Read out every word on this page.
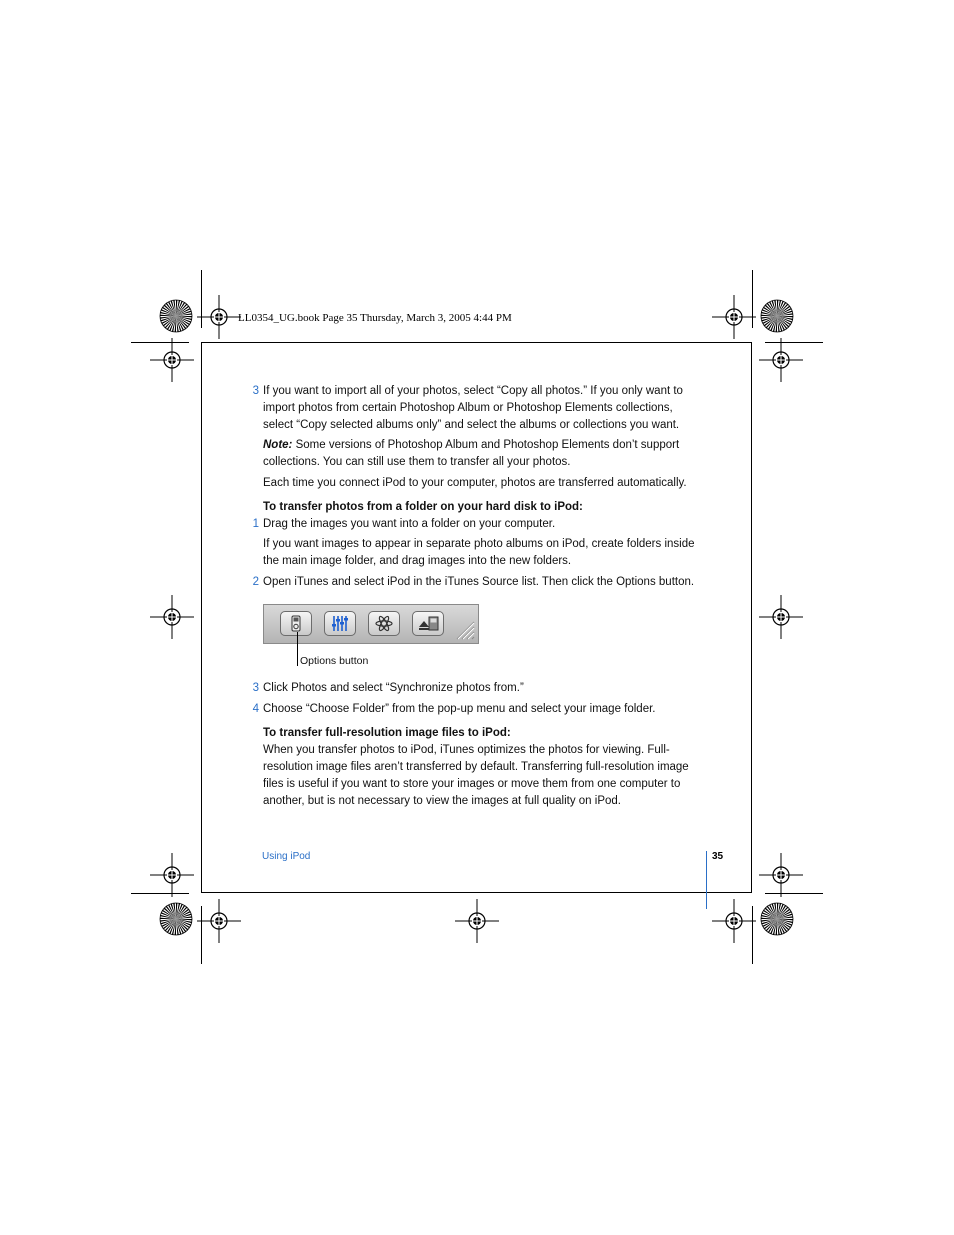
LL0354_UG.book Page 35 Thursday, March 3, 2005 4:44 PM
3 If you want to import all of your photos, select “Copy all photos.” If you only want to
import photos from certain Photoshop Album or Photoshop Elements collections,
select “Copy selected albums only” and select the albums or collections you want.
Note: Some versions of Photoshop Album and Photoshop Elements don’t support
collections. You can still use them to transfer all your photos.
Each time you connect iPod to your computer, photos are transferred automatically.
To transfer photos from a folder on your hard disk to iPod:
1 Drag the images you want into a folder on your computer.
If you want images to appear in separate photo albums on iPod, create folders inside
the main image folder, and drag images into the new folders.
2 Open iTunes and select iPod in the iTunes Source list. Then click the Options button.
Options button
3 Click Photos and select “Synchronize photos from.”
4 Choose “Choose Folder” from the pop-up menu and select your image folder.
To transfer full-resolution image files to iPod:
When you transfer photos to iPod, iTunes optimizes the photos for viewing. Full-
resolution image files aren’t transferred by default. Transferring full-resolution image
files is useful if you want to store your images or move them from one computer to
another, but is not necessary to view the images at full quality on iPod.
Using iPod	35
